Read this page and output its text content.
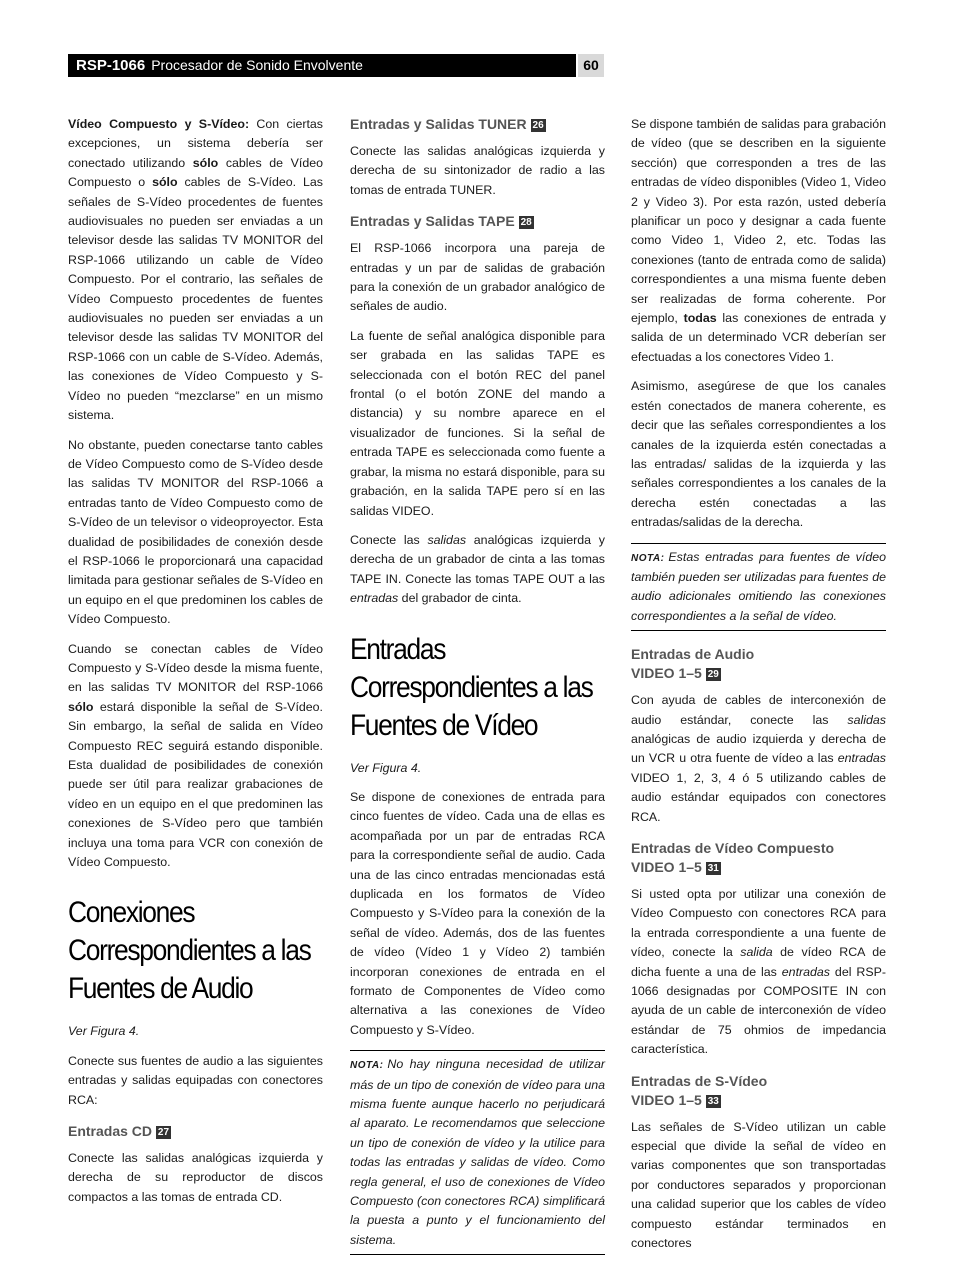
RSP-1066 Procesador de Sonido Envolvente	60

Vídeo Compuesto y S-Vídeo: Con ciertas excepciones, un sistema debería ser conectado utilizando sólo cables de Vídeo Compuesto o sólo cables de S-Vídeo. Las señales de S-Vídeo procedentes de fuentes audiovisuales no pueden ser enviadas a un televisor desde las salidas TV MONITOR del RSP-1066 utilizando un cable de Vídeo Compuesto. Por el contrario, las señales de Vídeo Compuesto procedentes de fuentes audiovisuales no pueden ser enviadas a un televisor desde las salidas TV MONITOR del RSP-1066 con un cable de S-Vídeo. Además, las conexiones de Vídeo Compuesto y S-Vídeo no pueden “mezclarse” en un mismo sistema.

No obstante, pueden conectarse tanto cables de Vídeo Compuesto como de S-Vídeo desde las salidas TV MONITOR del RSP-1066 a entradas tanto de Vídeo Compuesto como de S-Vídeo de un televisor o videoproyector. Esta dualidad de posibilidades de conexión desde el RSP-1066 le proporcionará una capacidad limitada para gestionar señales de S-Vídeo en un equipo en el que predominen los cables de Vídeo Compuesto.

Cuando se conectan cables de Vídeo Compuesto y S-Vídeo desde la misma fuente, en las salidas TV MONITOR del RSP-1066 sólo estará disponible la señal de S-Vídeo. Sin embargo, la señal de salida en Vídeo Compuesto REC seguirá estando disponible. Esta dualidad de posibilidades de conexión puede ser útil para realizar grabaciones de vídeo en un equipo en el que predominen las conexiones de S-Vídeo pero que también incluya una toma para VCR con conexión de Vídeo Compuesto.

Conexiones Correspondientes a las Fuentes de Audio

Ver Figura 4.

Conecte sus fuentes de audio a las siguientes entradas y salidas equipadas con conectores RCA:

Entradas CD 27

Conecte las salidas analógicas izquierda y derecha de su reproductor de discos compactos a las tomas de entrada CD.

Entradas y Salidas TUNER 26

Conecte las salidas analógicas izquierda y derecha de su sintonizador de radio a las tomas de entrada TUNER.

Entradas y Salidas TAPE 28

El RSP-1066 incorpora una pareja de entradas y un par de salidas de grabación para la conexión de un grabador analógico de señales de audio.

La fuente de señal analógica disponible para ser grabada en las salidas TAPE es seleccionada con el botón REC del panel frontal (o el botón ZONE del mando a distancia) y su nombre aparece en el visualizador de funciones. Si la señal de entrada TAPE es seleccionada como fuente a grabar, la misma no estará disponible, para su grabación, en la salida TAPE pero sí en las salidas VIDEO.

Conecte las salidas analógicas izquierda y derecha de un grabador de cinta a las tomas TAPE IN. Conecte las tomas TAPE OUT a las entradas del grabador de cinta.

Entradas Correspondientes a las Fuentes de Vídeo

Ver Figura 4.

Se dispone de conexiones de entrada para cinco fuentes de vídeo. Cada una de ellas es acompañada por un par de entradas RCA para la correspondiente señal de audio. Cada una de las cinco entradas mencionadas está duplicada en los formatos de Vídeo Compuesto y S-Vídeo para la conexión de la señal de vídeo. Además, dos de las fuentes de vídeo (Vídeo 1 y Vídeo 2) también incorporan conexiones de entrada en el formato de Componentes de Vídeo como alternativa a las conexiones de Vídeo Compuesto y S-Vídeo.

NOTA: No hay ninguna necesidad de utilizar más de un tipo de conexión de vídeo para una misma fuente aunque hacerlo no perjudicará al aparato. Le recomendamos que seleccione un tipo de conexión de vídeo y la utilice para todas las entradas y salidas de vídeo. Como regla general, el uso de conexiones de Vídeo Compuesto (con conectores RCA) simplificará la puesta a punto y el funcionamiento del sistema.

Se dispone también de salidas para grabación de vídeo (que se describen en la siguiente sección) que corresponden a tres de las entradas de vídeo disponibles (Video 1, Video 2 y Video 3). Por esta razón, usted debería planificar un poco y designar a cada fuente como Video 1, Video 2, etc. Todas las conexiones (tanto de entrada como de salida) correspondientes a una misma fuente deben ser realizadas de forma coherente. Por ejemplo, todas las conexiones de entrada y salida de un determinado VCR deberían ser efectuadas a los conectores Video 1.

Asimismo, asegúrese de que los canales estén conectados de manera coherente, es decir que las señales correspondientes a los canales de la izquierda estén conectadas a las entradas/ salidas de la izquierda y las señales correspondientes a los canales de la derecha estén conectadas a las entradas/salidas de la derecha.

NOTA: Estas entradas para fuentes de vídeo también pueden ser utilizadas para fuentes de audio adicionales omitiendo las conexiones correspondientes a la señal de vídeo.
Entradas de Audio
VIDEO 1–5 29

Con ayuda de cables de interconexión de audio estándar, conecte las salidas analógicas de audio izquierda y derecha de un VCR u otra fuente de vídeo a las entradas VIDEO 1, 2, 3, 4 ó 5 utilizando cables de audio estándar equipados con conectores RCA.

Entradas de Vídeo Compuesto
VIDEO 1–5 31

Si usted opta por utilizar una conexión de Vídeo Compuesto con conectores RCA para la entrada correspondiente a una fuente de vídeo, conecte la salida de vídeo RCA de dicha fuente a una de las entradas del RSP-1066 designadas por COMPOSITE IN con ayuda de un cable de interconexión de vídeo estándar de 75 ohmios de impedancia característica.

Entradas de S-Vídeo
VIDEO 1–5 33

Las señales de S-Vídeo utilizan un cable especial que divide la señal de vídeo en varias componentes que son transportadas por conductores separados y proporcionan una calidad superior que los cables de vídeo compuesto estándar terminados en conectores
